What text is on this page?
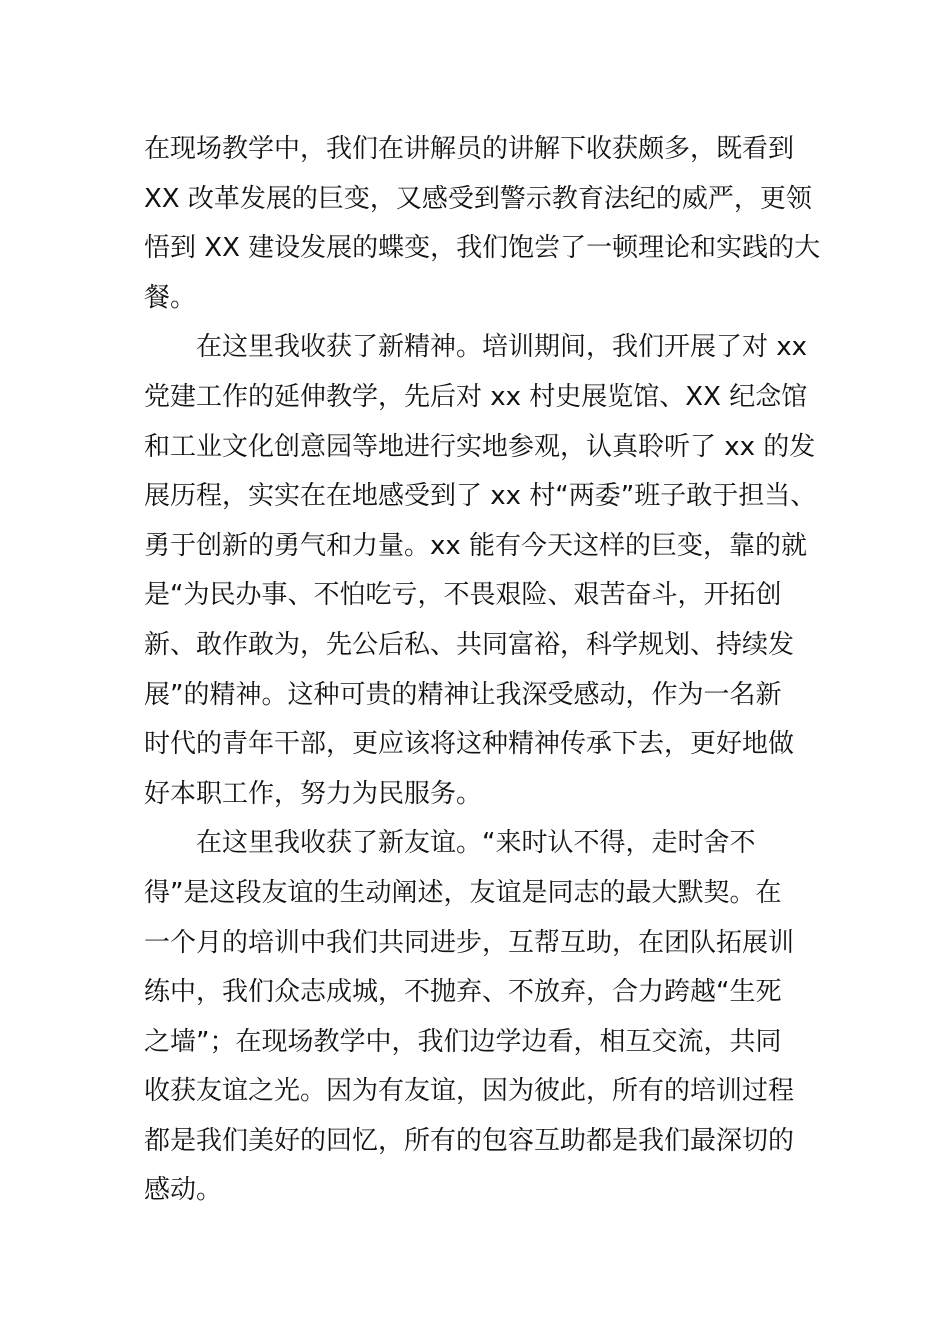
在现场教学中，我们在讲解员的讲解下收获颇多，既看到
XX 改革发展的巨变，又感受到警示教育法纪的威严，更领
悟到 XX 建设发展的蝶变，我们饱尝了一顿理论和实践的大
餐。
在这里我收获了新精神。培训期间，我们开展了对 xx
党建工作的延伸教学，先后对 xx 村史展览馆、XX 纪念馆
和工业文化创意园等地进行实地参观，认真聆听了 xx 的发
展历程，实实在在地感受到了 xx 村“两委”班子敢于担当、
勇于创新的勇气和力量。xx 能有今天这样的巨变，靠的就
是“为民办事、不怕吃亏，不畏艰险、艰苦奋斗，开拓创
新、敢作敢为，先公后私、共同富裕，科学规划、持续发
展”的精神。这种可贵的精神让我深受感动，作为一名新
时代的青年干部，更应该将这种精神传承下去，更好地做
好本职工作，努力为民服务。
在这里我收获了新友谊。“来时认不得，走时舍不
得”是这段友谊的生动阐述，友谊是同志的最大默契。在
一个月的培训中我们共同进步，互帮互助，在团队拓展训
练中，我们众志成城，不抛弃、不放弃，合力跨越“生死
之墙”；在现场教学中，我们边学边看，相互交流，共同
收获友谊之光。因为有友谊，因为彼此，所有的培训过程
都是我们美好的回忆，所有的包容互助都是我们最深切的
感动。
